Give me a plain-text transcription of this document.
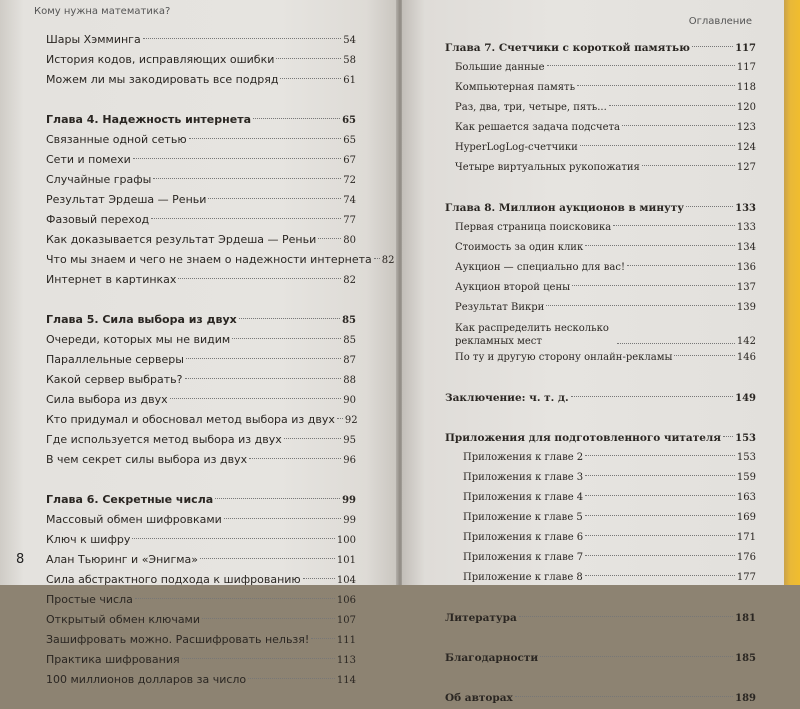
Кому нужна математика?
Шары Хэмминга	54
История кодов, исправляющих ошибки	58
Можем ли мы закодировать все подряд	61
Глава 4. Надежность интернета	65
Связанные одной сетью	65
Сети и помехи	67
Случайные графы	72
Результат Эрдеша — Реньи	74
Фазовый переход	77
Как доказывается результат Эрдеша — Реньи	80
Что мы знаем и чего не знаем о надежности интернета 82
Интернет в картинках	82
Глава 5. Сила выбора из двух	85
Очереди, которых мы не видим	85
Параллельные серверы	87
Какой сервер выбрать?	88
Сила выбора из двух	90
Кто придумал и обосновал метод выбора из двух 92
Где используется метод выбора из двух	95
В чем секрет силы выбора из двух	96
Глава 6. Секретные числа	99
Массовый обмен шифровками	99
Ключ к шифру	100
Алан Тьюринг и «Энигма»	101
Сила абстрактного подхода к шифрованию	104
Простые числа	106
Открытый обмен ключами	107
Зашифровать можно. Расшифровать нельзя!	111
Практика шифрования	113
100 миллионов долларов за число	114
8
Оглавление
Глава 7. Счетчики с короткой памятью	117
Большие данные	117
Компьютерная память	118
Раз, два, три, четыре, пять...	120
Как решается задача подсчета	123
HyperLogLog-счетчики	124
Четыре виртуальных рукопожатия	127
Глава 8. Миллион аукционов в минуту	133
Первая страница поисковика	133
Стоимость за один клик	134
Аукцион — специально для вас!	136
Аукцион второй цены	137
Результат Викри	139
Как распределить несколько рекламных мест	142
По ту и другую сторону онлайн-рекламы	146
Заключение: ч. т. д.	149
Приложения для подготовленного читателя 153
Приложения к главе 2	153
Приложения к главе 3	159
Приложения к главе 4	163
Приложение к главе 5	169
Приложения к главе 6	171
Приложения к главе 7	176
Приложение к главе 8	177
Литература	181
Благодарности	185
Об авторах	189
